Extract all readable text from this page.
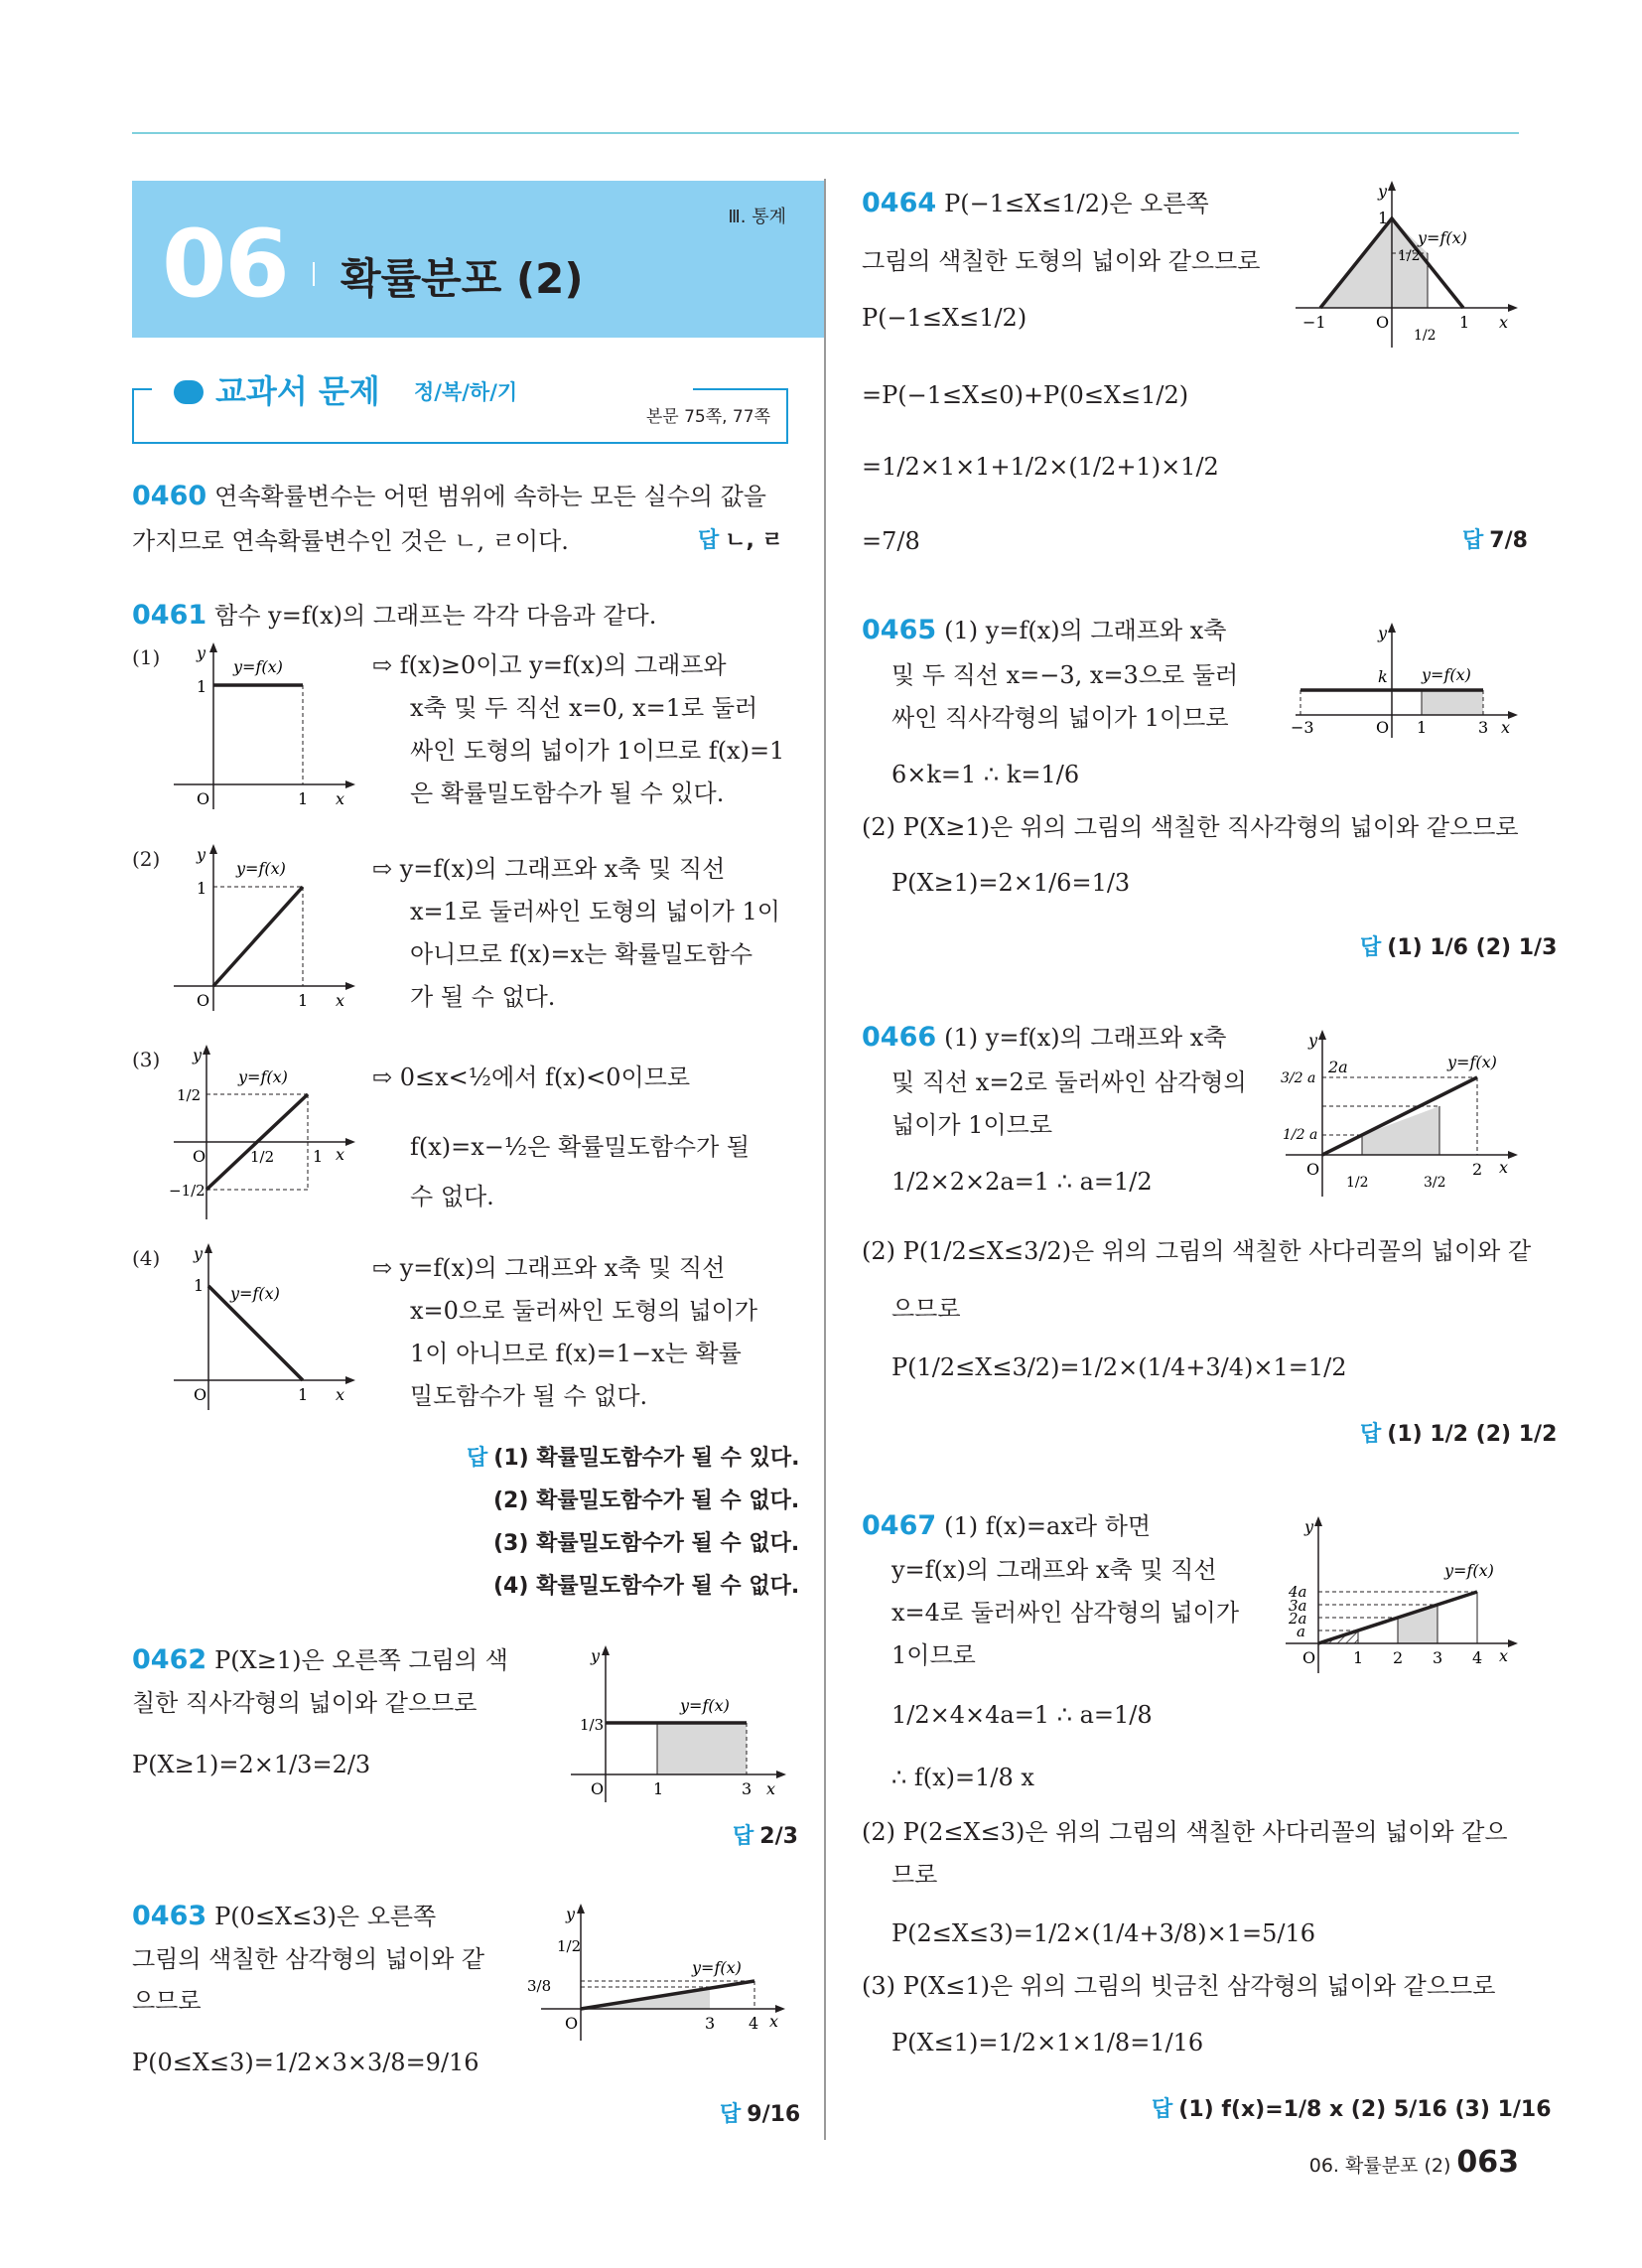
Ⅲ. 통계
06 확률분포 (2)
교과서 문제 정/복/하/기
본문 75쪽, 77쪽
0460 연속확률변수는 어떤 범위에 속하는 모든 실수의 값을
가지므로 연속확률변수인 것은 ㄴ, ㄹ이다.	답 ㄴ, ㄹ
0461 함수 y=f(x)의 그래프는 각각 다음과 같다.
(1) y
1
y=f(x)
O	1 x
⇨ f(x)≥0이고 y=f(x)의 그래프와
x축 및 두 직선 x=0, x=1로 둘러
싸인 도형의 넓이가 1이므로 f(x)=1
은 확률밀도함수가 될 수 있다.
(2) y
1
y=f(x)
O	1 x
⇨ y=f(x)의 그래프와 x축 및 직선
x=1로 둘러싸인 도형의 넓이가 1이
아니므로 f(x)=x는 확률밀도함수
가 될 수 없다.
(3) y
1/2
y=f(x)
O	1/2 1 x
−1/2
⇨ 0≤x<½에서 f(x)<0이므로
f(x)=x−½은 확률밀도함수가 될
수 없다.
(4) y
1 y=f(x)
O	1 x
⇨ y=f(x)의 그래프와 x축 및 직선
x=0으로 둘러싸인 도형의 넓이가
1이 아니므로 f(x)=1−x는 확률
밀도함수가 될 수 없다.
답 (1) 확률밀도함수가 될 수 있다.
(2) 확률밀도함수가 될 수 없다.
(3) 확률밀도함수가 될 수 없다.
(4) 확률밀도함수가 될 수 없다.
0462 P(X≥1)은 오른쪽 그림의 색
칠한 직사각형의 넓이와 같으므로
P(X≥1)=2×1/3=2/3
y
1/3
y=f(x)
O	1	3 x
답 2/3
0463 P(0≤X≤3)은 오른쪽
그림의 색칠한 삼각형의 넓이와 같
으므로
P(0≤X≤3)=1/2×3×3/8=9/16
y
1/2
3/8
y=f(x)
O	3 4 x
답 9/16
0464 P(−1≤X≤1/2)은 오른쪽
그림의 색칠한 도형의 넓이와 같으므로
P(−1≤X≤1/2)
=P(−1≤X≤0)+P(0≤X≤1/2)
=1/2×1×1+1/2×(1/2+1)×1/2
=7/8
y
1
y=f(x)
1/2
−1	O
1/2
1 x
답 7/8
0465 (1) y=f(x)의 그래프와 x축
및 두 직선 x=−3, x=3으로 둘러
싸인 직사각형의 넓이가 1이므로
6×k=1 ∴ k=1/6
(2) P(X≥1)은 위의 그림의 색칠한 직사각형의 넓이와 같으므로
P(X≥1)=2×1/6=1/3
y
k y=f(x)
−3	O 1	3 x
답 (1) 1/6 (2) 1/3
0466 (1) y=f(x)의 그래프와 x축
및 직선 x=2로 둘러싸인 삼각형의
넓이가 1이므로
1/2×2×2a=1 ∴ a=1/2
(2) P(1/2≤X≤3/2)은 위의 그림의 색칠한 사다리꼴의 넓이와 같
으므로
P(1/2≤X≤3/2)=1/2×(1/4+3/4)×1=1/2
y
3/2 a
2a	y=f(x)
1/2 a
O
1/2	3/2
2 x
답 (1) 1/2 (2) 1/2
0467 (1) f(x)=ax라 하면
y=f(x)의 그래프와 x축 및 직선
x=4로 둘러싸인 삼각형의 넓이가
1이므로
1/2×4×4a=1 ∴ a=1/8
∴ f(x)=1/8 x
(2) P(2≤X≤3)은 위의 그림의 색칠한 사다리꼴의 넓이와 같으
므로
P(2≤X≤3)=1/2×(1/4+3/8)×1=5/16
(3) P(X≤1)은 위의 그림의 빗금친 삼각형의 넓이와 같으므로
P(X≤1)=1/2×1×1/8=1/16
y
y=f(x)
4a
3a
2a
a
O 1 2 3 4 x
답 (1) f(x)=1/8 x (2) 5/16 (3) 1/16
06. 확률분포 (2) 063
